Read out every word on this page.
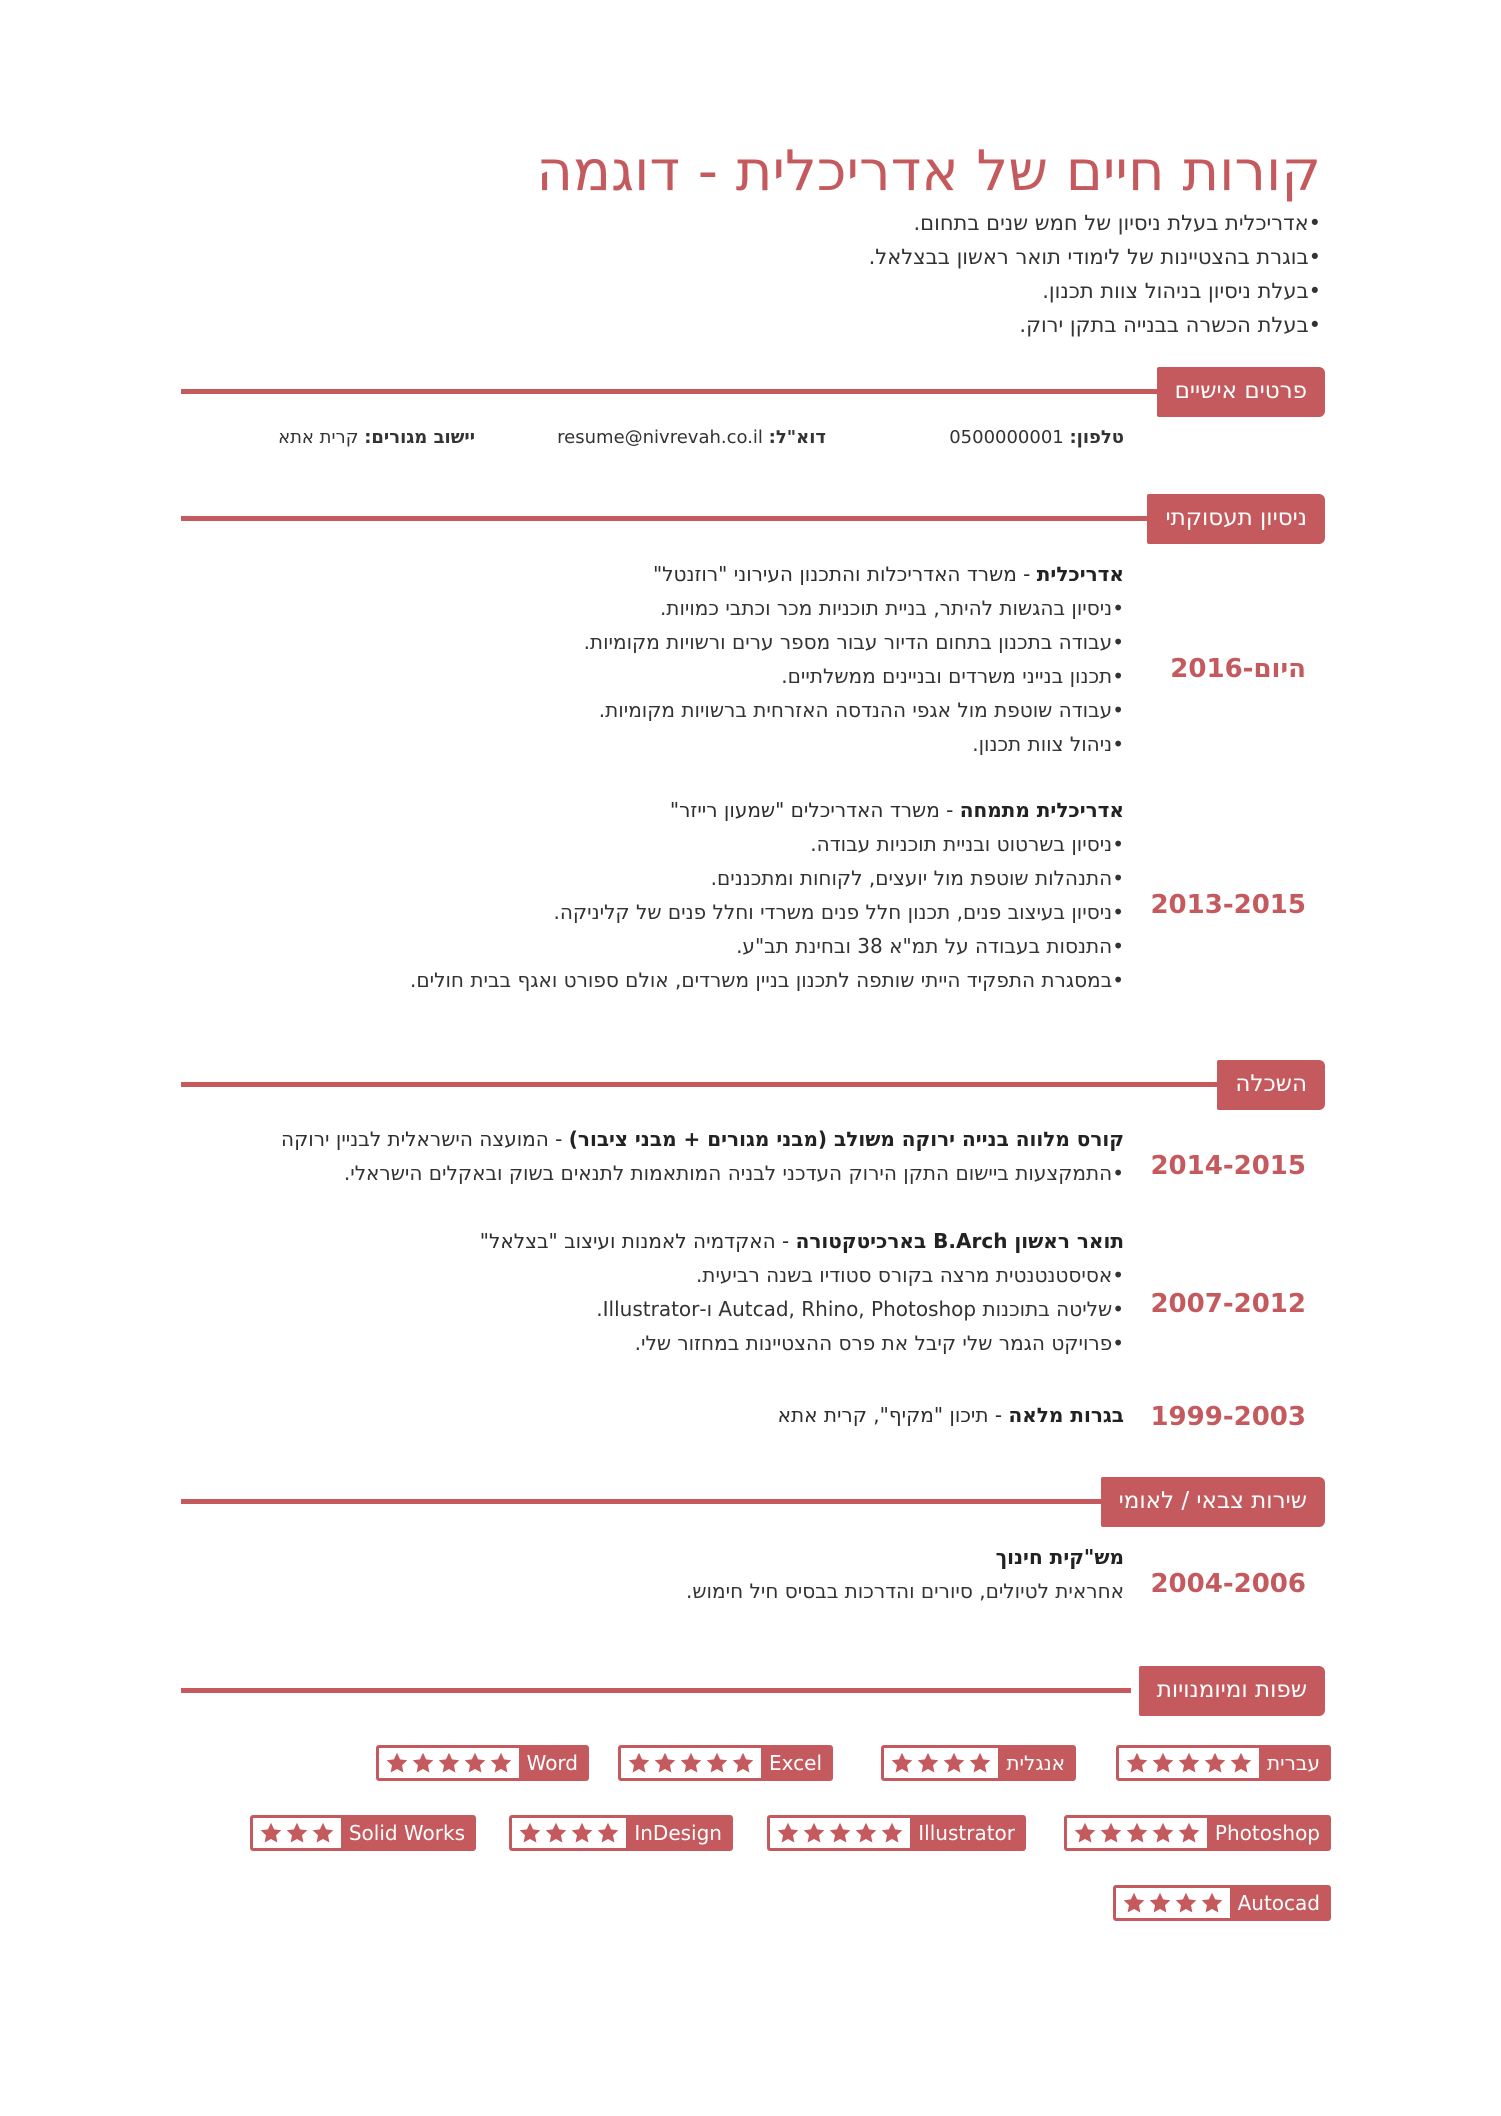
קורות חיים של אדריכלית - דוגמה
•אדריכלית בעלת ניסיון של חמש שנים בתחום.
•בוגרת בהצטיינות של לימודי תואר ראשון בבצלאל.
•בעלת ניסיון בניהול צוות תכנון.
•בעלת הכשרה בבנייה בתקן ירוק.
פרטים אישיים
טלפון: 0500000001
דוא"ל: resume@nivrevah.co.il
יישוב מגורים: קרית אתא
ניסיון תעסוקתי
2016-היום
אדריכלית - משרד האדריכלות והתכנון העירוני "רוזנטל"
•ניסיון בהגשות להיתר, בניית תוכניות מכר וכתבי כמויות.
•עבודה בתכנון בתחום הדיור עבור מספר ערים ורשויות מקומיות.
•תכנון בנייני משרדים ובניינים ממשלתיים.
•עבודה שוטפת מול אגפי ההנדסה האזרחית ברשויות מקומיות.
•ניהול צוות תכנון.
2013-2015
אדריכלית מתמחה - משרד האדריכלים "שמעון רייזר"
•ניסיון בשרטוט ובניית תוכניות עבודה.
•התנהלות שוטפת מול יועצים, לקוחות ומתכננים.
•ניסיון בעיצוב פנים, תכנון חלל פנים משרדי וחלל פנים של קליניקה.
•התנסות בעבודה על תמ"א 38 ובחינת תב"ע.
•במסגרת התפקיד הייתי שותפה לתכנון בניין משרדים, אולם ספורט ואגף בבית חולים.
השכלה
2014-2015
קורס מלווה בנייה ירוקה משולב (מבני מגורים + מבני ציבור) - המועצה הישראלית לבניין ירוקה
•התמקצעות ביישום התקן הירוק העדכני לבניה המותאמות לתנאים בשוק ובאקלים הישראלי.
2007-2012
תואר ראשון B.Arch בארכיטקטורה - האקדמיה לאמנות ועיצוב "בצלאל"
•אסיסטנטנטית מרצה בקורס סטודיו בשנה רביעית.
•שליטה בתוכנות Autcad, Rhino, Photoshop ו-Illustrator.
•פרויקט הגמר שלי קיבל את פרס ההצטיינות במחזור שלי.
1999-2003
בגרות מלאה - תיכון "מקיף", קרית אתא
שירות צבאי / לאומי
2004-2006
מש"קית חינוך
אחראית לטיולים, סיורים והדרכות בבסיס חיל חימוש.
שפות ומיומנויות
עברית
אנגלית
Excel
Word
Photoshop
Illustrator
InDesign
Solid Works
Autocad
